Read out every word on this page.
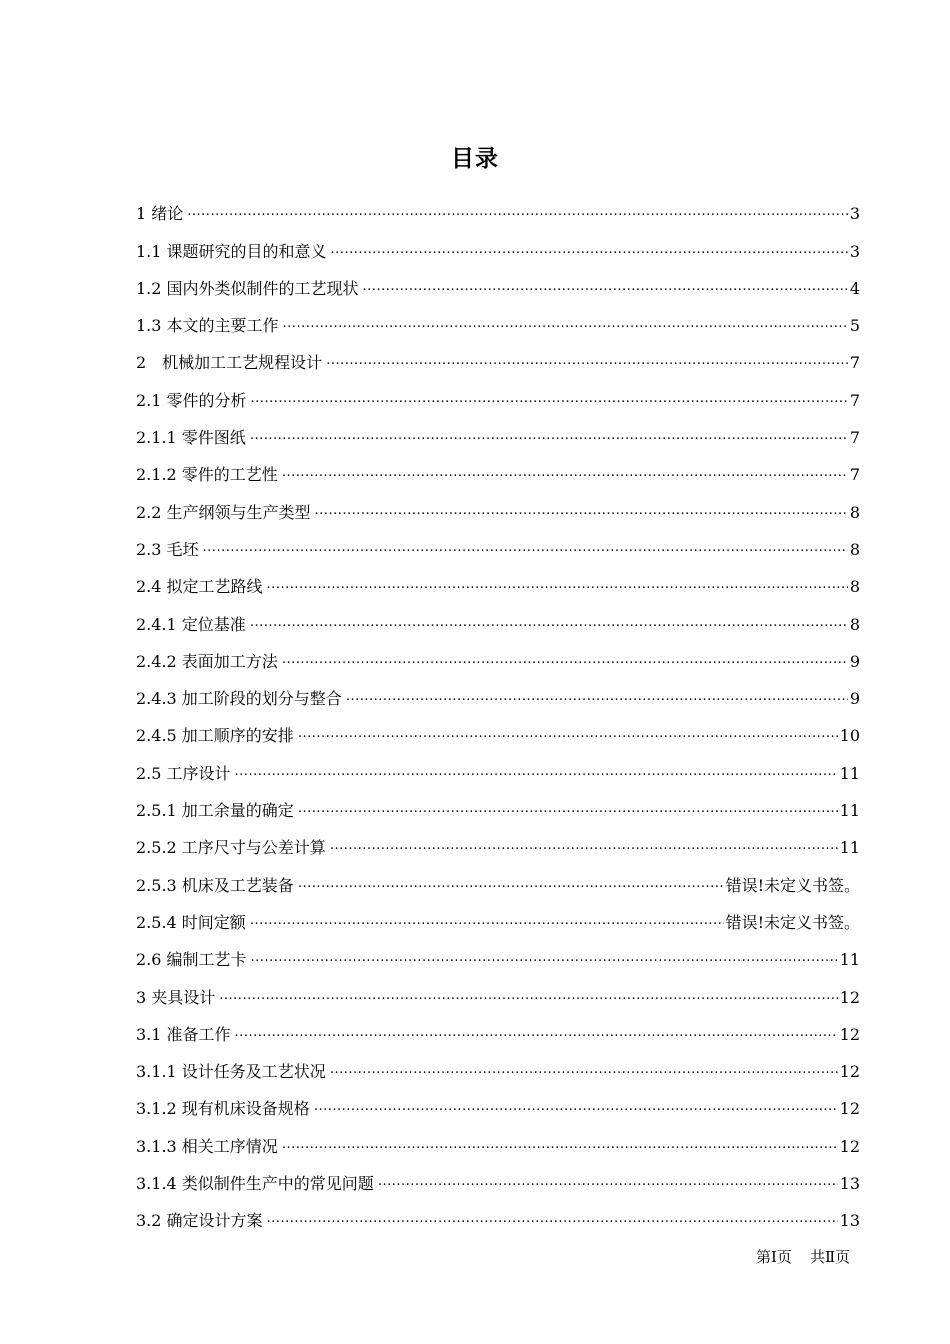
目录
1 绪论 .....	3
1.1 课题研究的目的和意义 .....	3
1.2 国内外类似制件的工艺现状 .....	4
1.3 本文的主要工作 .....	5
2　机械加工工艺规程设计 .....	7
2.1 零件的分析 .....	7
2.1.1 零件图纸 .....	7
2.1.2 零件的工艺性 .....	7
2.2 生产纲领与生产类型 .....	8
2.3 毛坯 .....	8
2.4 拟定工艺路线 .....	8
2.4.1 定位基准 .....	8
2.4.2 表面加工方法 .....	9
2.4.3 加工阶段的划分与整合 .....	9
2.4.5 加工顺序的安排 .....	10
2.5 工序设计 .....	11
2.5.1 加工余量的确定 .....	11
2.5.2 工序尺寸与公差计算 .....	11
2.5.3 机床及工艺装备 .....	错误!未定义书签。
2.5.4 时间定额 .....	错误!未定义书签。
2.6 编制工艺卡 .....	11
3 夹具设计 .....	12
3.1 准备工作 .....	12
3.1.1 设计任务及工艺状况 .....	12
3.1.2 现有机床设备规格 .....	12
3.1.3 相关工序情况 .....	12
3.1.4 类似制件生产中的常见问题 .....	13
3.2 确定设计方案 .....	13
第Ⅰ页 共Ⅱ页
